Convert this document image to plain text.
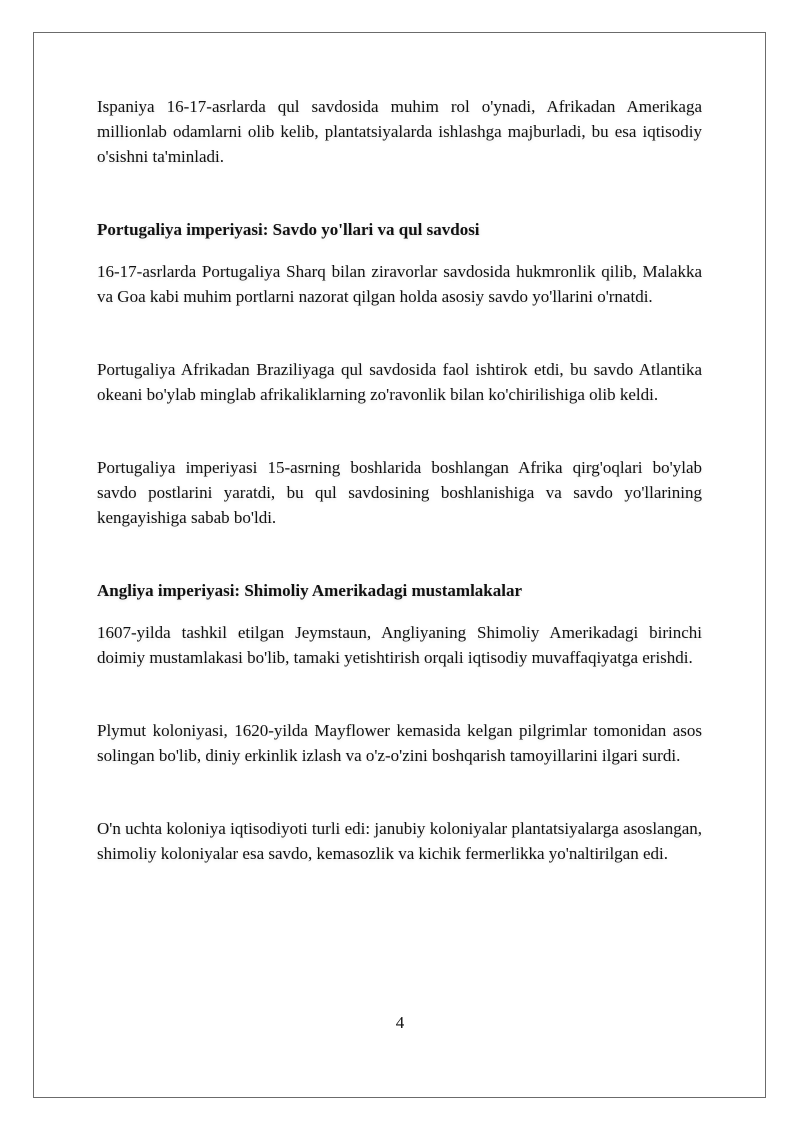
Ispaniya 16-17-asrlarda qul savdosida muhim rol o'ynadi, Afrikadan Amerikaga millionlab odamlarni olib kelib, plantatsiyalarda ishlashga majburladi, bu esa iqtisodiy o'sishni ta'minladi.

Portugaliya imperiyasi: Savdo yo'llari va qul savdosi

16-17-asrlarda Portugaliya Sharq bilan ziravorlar savdosida hukmronlik qilib, Malakka va Goa kabi muhim portlarni nazorat qilgan holda asosiy savdo yo'llarini o'rnatdi.

Portugaliya Afrikadan Braziliyaga qul savdosida faol ishtirok etdi, bu savdo Atlantika okeani bo'ylab minglab afrikaliklarning zo'ravonlik bilan ko'chirilishiga olib keldi.

Portugaliya imperiyasi 15-asrning boshlarida boshlangan Afrika qirg'oqlari bo'ylab savdo postlarini yaratdi, bu qul savdosining boshlanishiga va savdo yo'llarining kengayishiga sabab bo'ldi.

Angliya imperiyasi: Shimoliy Amerikadagi mustamlakalar

1607-yilda tashkil etilgan Jeymstaun, Angliyaning Shimoliy Amerikadagi birinchi doimiy mustamlakasi bo'lib, tamaki yetishtirish orqali iqtisodiy muvaffaqiyatga erishdi.

Plymut koloniyasi, 1620-yilda Mayflower kemasida kelgan pilgrimlar tomonidan asos solingan bo'lib, diniy erkinlik izlash va o'z-o'zini boshqarish tamoyillarini ilgari surdi.

O'n uchta koloniya iqtisodiyoti turli edi: janubiy koloniyalar plantatsiyalarga asoslangan, shimoliy koloniyalar esa savdo, kemasozlik va kichik fermerlikka yo'naltirilgan edi.

4
